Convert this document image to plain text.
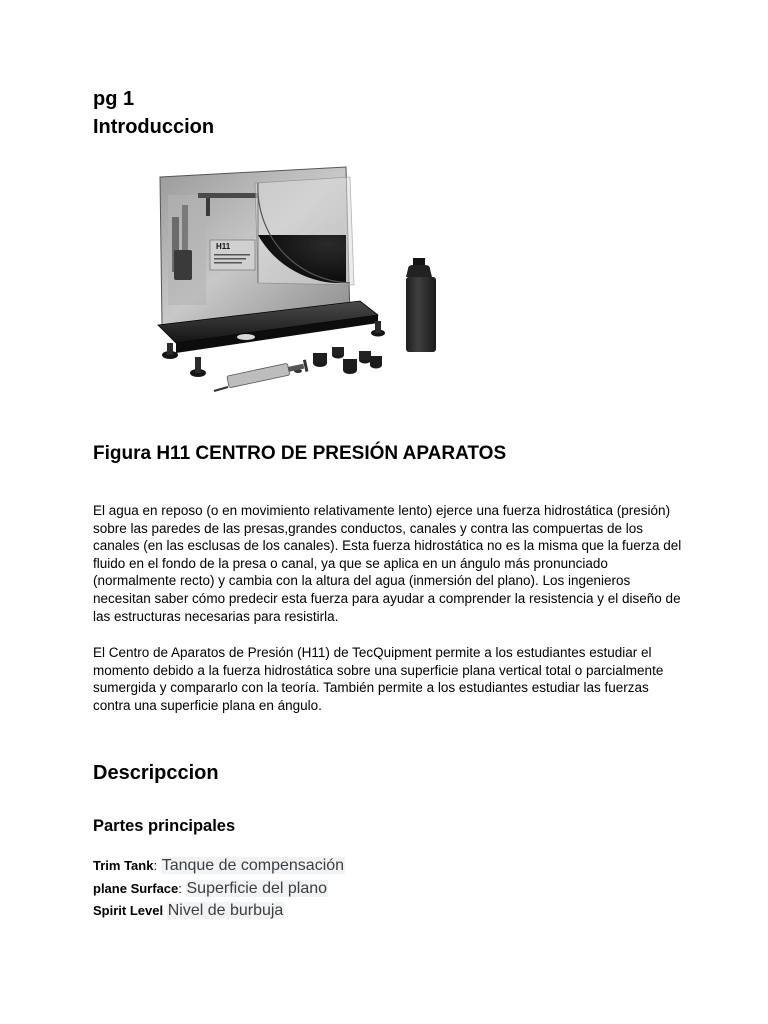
pg 1
Introduccion
H11
Figura H11 CENTRO DE PRESIÓN APARATOS

El agua en reposo (o en movimiento relativamente lento) ejerce una fuerza hidrostática (presión) sobre las paredes de las presas,grandes conductos, canales y contra las compuertas de los canales (en las esclusas de los canales). Esta fuerza hidrostática no es la misma que la fuerza del fluido en el fondo de la presa o canal, ya que se aplica en un ángulo más pronunciado (normalmente recto) y cambia con la altura del agua (inmersión del plano). Los ingenieros necesitan saber cómo predecir esta fuerza para ayudar a comprender la resistencia y el diseño de las estructuras necesarias para resistirla.

El Centro de Aparatos de Presión (H11) de TecQuipment permite a los estudiantes estudiar el momento debido a la fuerza hidrostática sobre una superficie plana vertical total o parcialmente sumergida y compararlo con la teoría. También permite a los estudiantes estudiar las fuerzas contra una superficie plana en ángulo.

Descripccion
Partes principales
Trim Tank: Tanque de compensación
plane Surface: Superficie del plano
Spirit Level Nivel de burbuja
